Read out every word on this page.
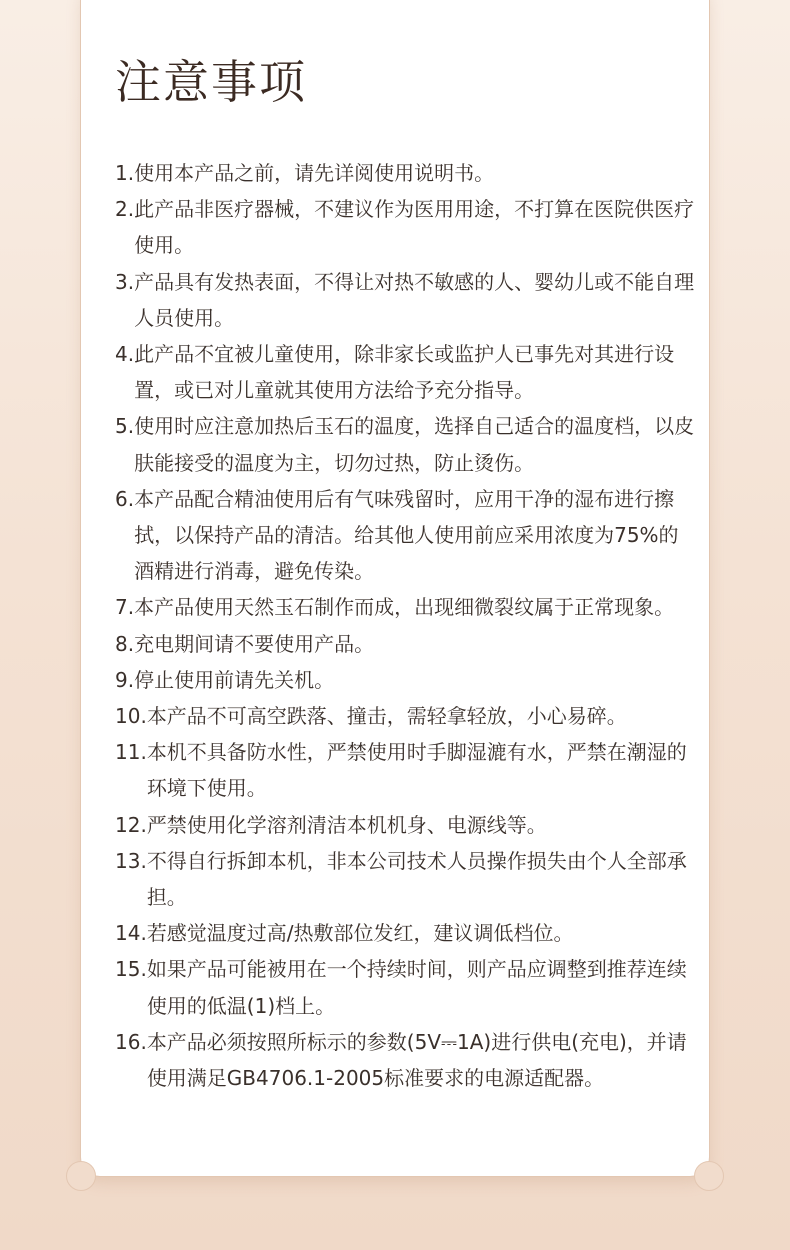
注意事项
1. 使用本产品之前，请先详阅使用说明书。
2. 此产品非医疗器械，不建议作为医用用途，不打算在医院供医疗使用。
3. 产品具有发热表面，不得让对热不敏感的人、婴幼儿或不能自理人员使用。
4. 此产品不宜被儿童使用，除非家长或监护人已事先对其进行设置，或已对儿童就其使用方法给予充分指导。
5. 使用时应注意加热后玉石的温度，选择自己适合的温度档，以皮肤能接受的温度为主，切勿过热，防止烫伤。
6. 本产品配合精油使用后有气味残留时，应用干净的湿布进行擦拭，以保持产品的清洁。给其他人使用前应采用浓度为75%的酒精进行消毒，避免传染。
7. 本产品使用天然玉石制作而成，出现细微裂纹属于正常现象。
8. 充电期间请不要使用产品。
9. 停止使用前请先关机。
10. 本产品不可高空跌落、撞击，需轻拿轻放，小心易碎。
11. 本机不具备防水性，严禁使用时手脚湿漉有水，严禁在潮湿的环境下使用。
12. 严禁使用化学溶剂清洁本机机身、电源线等。
13. 不得自行拆卸本机，非本公司技术人员操作损失由个人全部承担。
14. 若感觉温度过高/热敷部位发红，建议调低档位。
15. 如果产品可能被用在一个持续时间，则产品应调整到推荐连续使用的低温(1)档上。
16. 本产品必须按照所标示的参数(5V⎓1A)进行供电(充电)，并请使用满足GB4706.1-2005标准要求的电源适配器。
